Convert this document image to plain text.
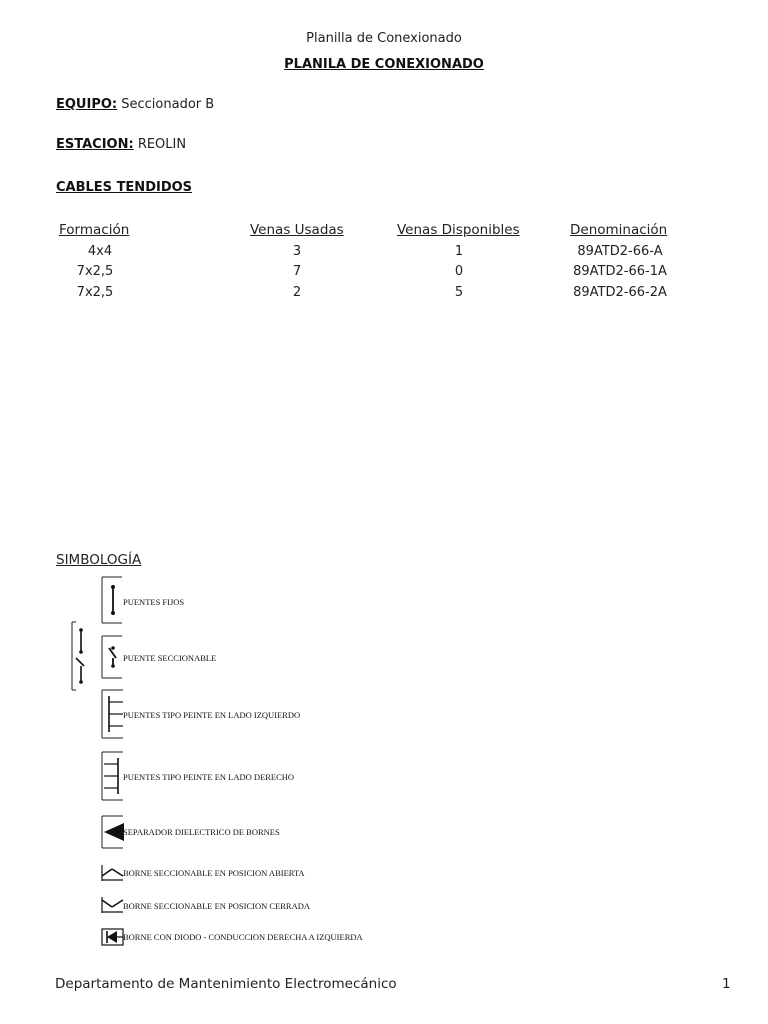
Planilla de Conexionado
PLANILA DE CONEXIONADO
EQUIPO: Seccionador B
ESTACION: REOLIN
CABLES TENDIDOS
Formación	Venas Usadas	Venas Disponibles	Denominación
4x4	3	1	89ATD2-66-A
7x2,5	7	0	89ATD2-66-1A
7x2,5	2	5	89ATD2-66-2A
SIMBOLOGÍA
PUENTES FIJOS
PUENTE SECCIONABLE
PUENTES TIPO PEINTE EN LADO IZQUIERDO
PUENTES TIPO PEINTE EN LADO DERECHO
SEPARADOR DIELECTRICO DE BORNES
BORNE SECCIONABLE EN POSICION ABIERTA
BORNE SECCIONABLE EN POSICION CERRADA
BORNE CON DIODO - CONDUCCION DERECHA A IZQUIERDA
Departamento de Mantenimiento Electromecánico	1
